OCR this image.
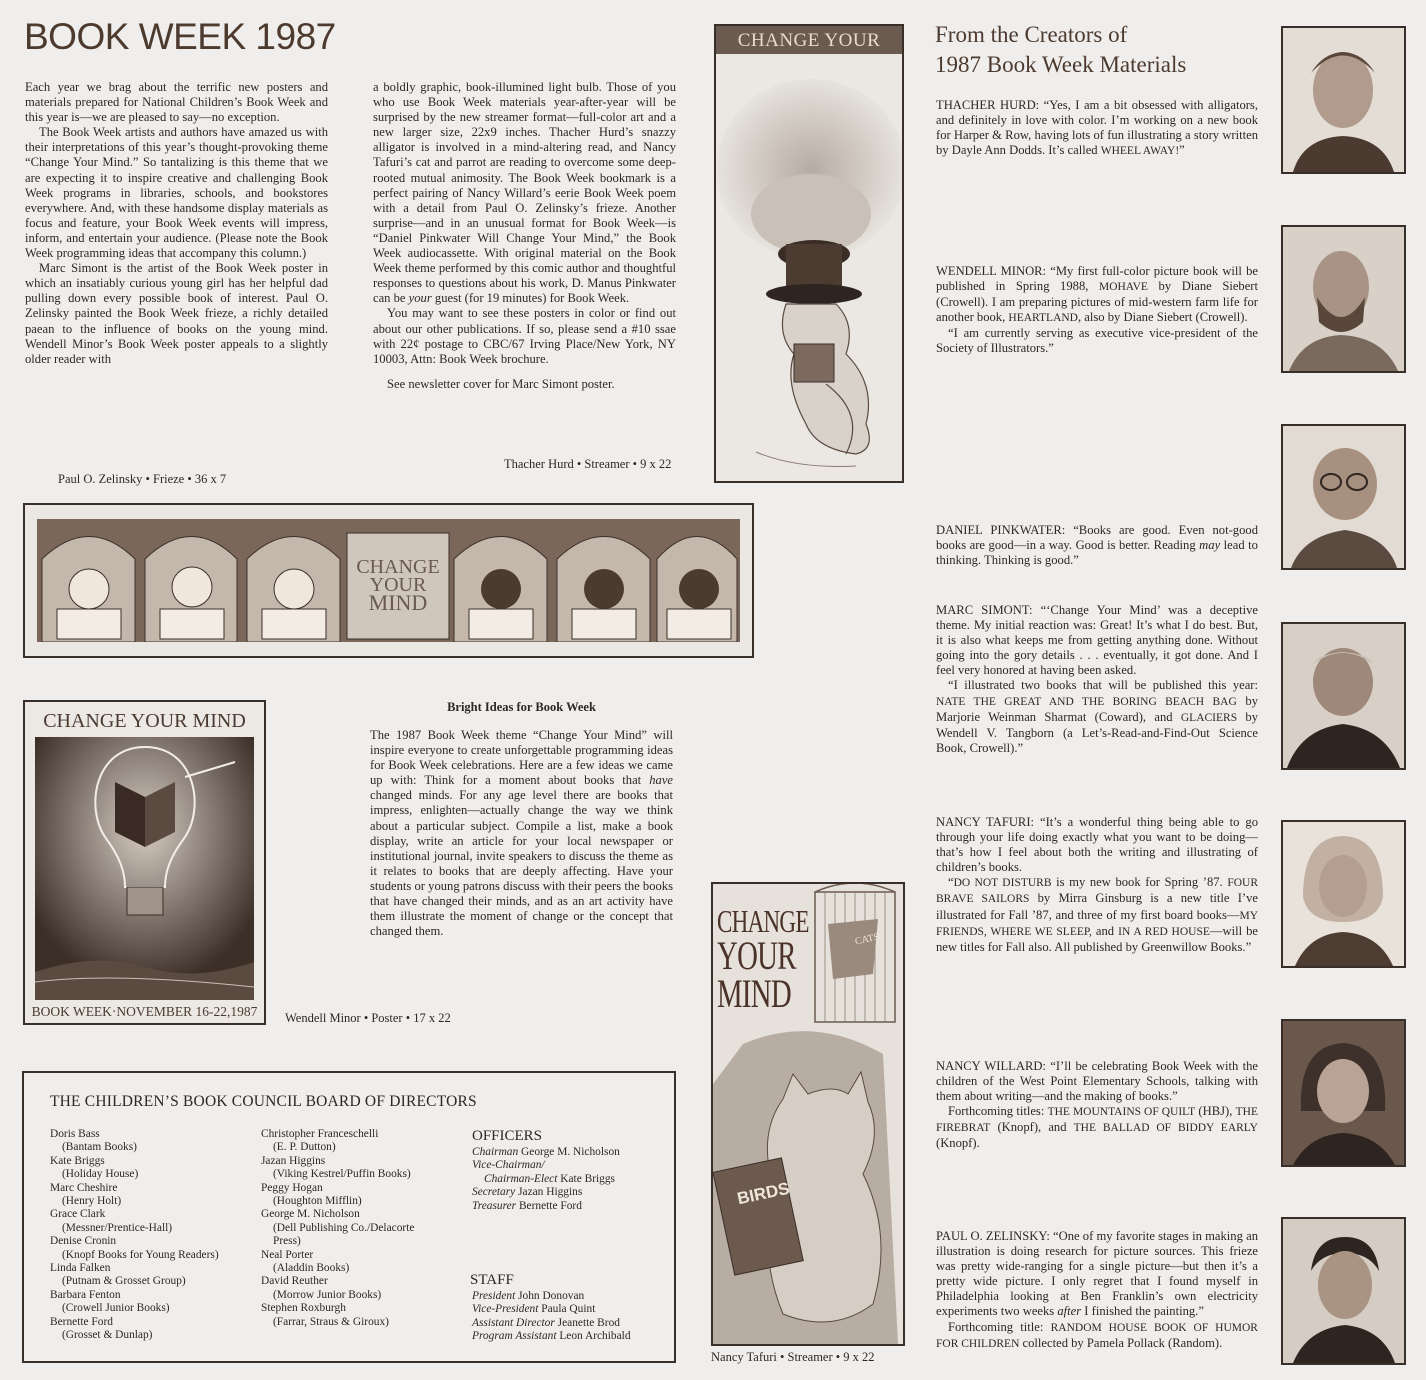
BOOK WEEK 1987

Each year we brag about the terrific new posters and materials prepared for National Children’s Book Week and this year is—we are pleased to say—no exception.

The Book Week artists and authors have amazed us with their interpretations of this year’s thought-provoking theme “Change Your Mind.” So tantalizing is this theme that we are expecting it to inspire creative and challenging Book Week programs in libraries, schools, and bookstores everywhere. And, with these handsome display materials as focus and feature, your Book Week events will impress, inform, and entertain your audience. (Please note the Book Week programming ideas that accompany this column.)

Marc Simont is the artist of the Book Week poster in which an insatiably curious young girl has her helpful dad pulling down every possible book of interest. Paul O. Zelinsky painted the Book Week frieze, a richly detailed paean to the influence of books on the young mind. Wendell Minor’s Book Week poster appeals to a slightly older reader with

a boldly graphic, book-illumined light bulb. Those of you who use Book Week materials year-after-year will be surprised by the new streamer format—full-color art and a new larger size, 22x9 inches. Thacher Hurd’s snazzy alligator is involved in a mind-altering read, and Nancy Tafuri’s cat and parrot are reading to overcome some deep-rooted mutual animosity. The Book Week bookmark is a perfect pairing of Nancy Willard’s eerie Book Week poem with a detail from Paul O. Zelinsky’s frieze. Another surprise—and in an unusual format for Book Week—is “Daniel Pinkwater Will Change Your Mind,” the Book Week audiocassette. With original material on the Book Week theme performed by this comic author and thoughtful responses to questions about his work, D. Manus Pinkwater can be your guest (for 19 minutes) for Book Week.

You may want to see these posters in color or find out about our other publications. If so, please send a #10 ssae with 22¢ postage to CBC/67 Irving Place/New York, NY 10003, Attn: Book Week brochure.

See newsletter cover for Marc Simont poster.

Paul O. Zelinsky • Frieze • 36 x 7
Thacher Hurd • Streamer • 9 x 22
CHANGE YOUR
CHANGE
YOUR
MIND
CHANGE YOUR MIND
BOOK WEEK·NOVEMBER 16-22,1987	Wendell Minor • Poster • 17 x 22
Bright Ideas for Book Week

The 1987 Book Week theme “Change Your Mind” will inspire everyone to create unforgettable programming ideas for Book Week celebrations. Here are a few ideas we came up with: Think for a moment about books that have changed minds. For any age level there are books that impress, enlighten—actually change the way we think about a particular subject. Compile a list, make a book display, write an article for your local newspaper or institutional journal, invite speakers to discuss the theme as it relates to books that are deeply affecting. Have your students or young patrons discuss with their peers the books that have changed their minds, and as an art activity have them illustrate the moment of change or the concept that changed them.

THE CHILDREN’S BOOK COUNCIL BOARD OF DIRECTORS
Doris Bass
(Bantam Books)
Kate Briggs
(Holiday House)
Marc Cheshire
(Henry Holt)
Grace Clark
(Messner/Prentice-Hall)
Denise Cronin
(Knopf Books for Young Readers)
Linda Falken
(Putnam & Grosset Group)
Barbara Fenton
(Crowell Junior Books)
Bernette Ford
(Grosset & Dunlap)
Christopher Franceschelli
(E. P. Dutton)
Jazan Higgins
(Viking Kestrel/Puffin Books)
Peggy Hogan
(Houghton Mifflin)
George M. Nicholson
(Dell Publishing Co./Delacorte
Press)
Neal Porter
(Aladdin Books)
David Reuther
(Morrow Junior Books)
Stephen Roxburgh
(Farrar, Straus & Giroux)
OFFICERS
Chairman George M. Nicholson
Vice-Chairman/
Chairman-Elect Kate Briggs
Secretary Jazan Higgins
Treasurer Bernette Ford
STAFF
President John Donovan
Vice-President Paula Quint
Assistant Director Jeanette Brod
Program Assistant Leon Archibald
CHANGE
YOUR
MIND
CATS
BIRDS
Nancy Tafuri • Streamer • 9 x 22
From the Creators of
1987 Book Week Materials

THACHER HURD: “Yes, I am a bit obsessed with alligators, and definitely in love with color. I’m working on a new book for Harper & Row, having lots of fun illustrating a story written by Dayle Ann Dodds. It’s called WHEEL AWAY!”

WENDELL MINOR: “My first full-color picture book will be published in Spring 1988, MOHAVE by Diane Siebert (Crowell). I am preparing pictures of mid-western farm life for another book, HEARTLAND, also by Diane Siebert (Crowell).

“I am currently serving as executive vice-president of the Society of Illustrators.”

DANIEL PINKWATER: “Books are good. Even not-good books are good—in a way. Good is better. Reading may lead to thinking. Thinking is good.”

MARC SIMONT: “‘Change Your Mind’ was a deceptive theme. My initial reaction was: Great! It’s what I do best. But, it is also what keeps me from getting anything done. Without going into the gory details . . . eventually, it got done. And I feel very honored at having been asked.

“I illustrated two books that will be published this year: NATE THE GREAT AND THE BORING BEACH BAG by Marjorie Weinman Sharmat (Coward), and GLACIERS by Wendell V. Tangborn (a Let’s-Read-and-Find-Out Science Book, Crowell).”

NANCY TAFURI: “It’s a wonderful thing being able to go through your life doing exactly what you want to be doing—that’s how I feel about both the writing and illustrating of children’s books.

“DO NOT DISTURB is my new book for Spring ’87. FOUR BRAVE SAILORS by Mirra Ginsburg is a new title I’ve illustrated for Fall ’87, and three of my first board books—MY FRIENDS, WHERE WE SLEEP, and IN A RED HOUSE—will be new titles for Fall also. All published by Greenwillow Books.”

NANCY WILLARD: “I’ll be celebrating Book Week with the children of the West Point Elementary Schools, talking with them about writing—and the making of books.”

Forthcoming titles: THE MOUNTAINS OF QUILT (HBJ), THE FIREBRAT (Knopf), and THE BALLAD OF BIDDY EARLY (Knopf).

PAUL O. ZELINSKY: “One of my favorite stages in making an illustration is doing research for picture sources. This frieze was pretty wide-ranging for a single picture—but then it’s a pretty wide picture. I only regret that I found myself in Philadelphia looking at Ben Franklin’s own electricity experiments two weeks after I finished the painting.”

Forthcoming title: RANDOM HOUSE BOOK OF HUMOR FOR CHILDREN collected by Pamela Pollack (Random).
